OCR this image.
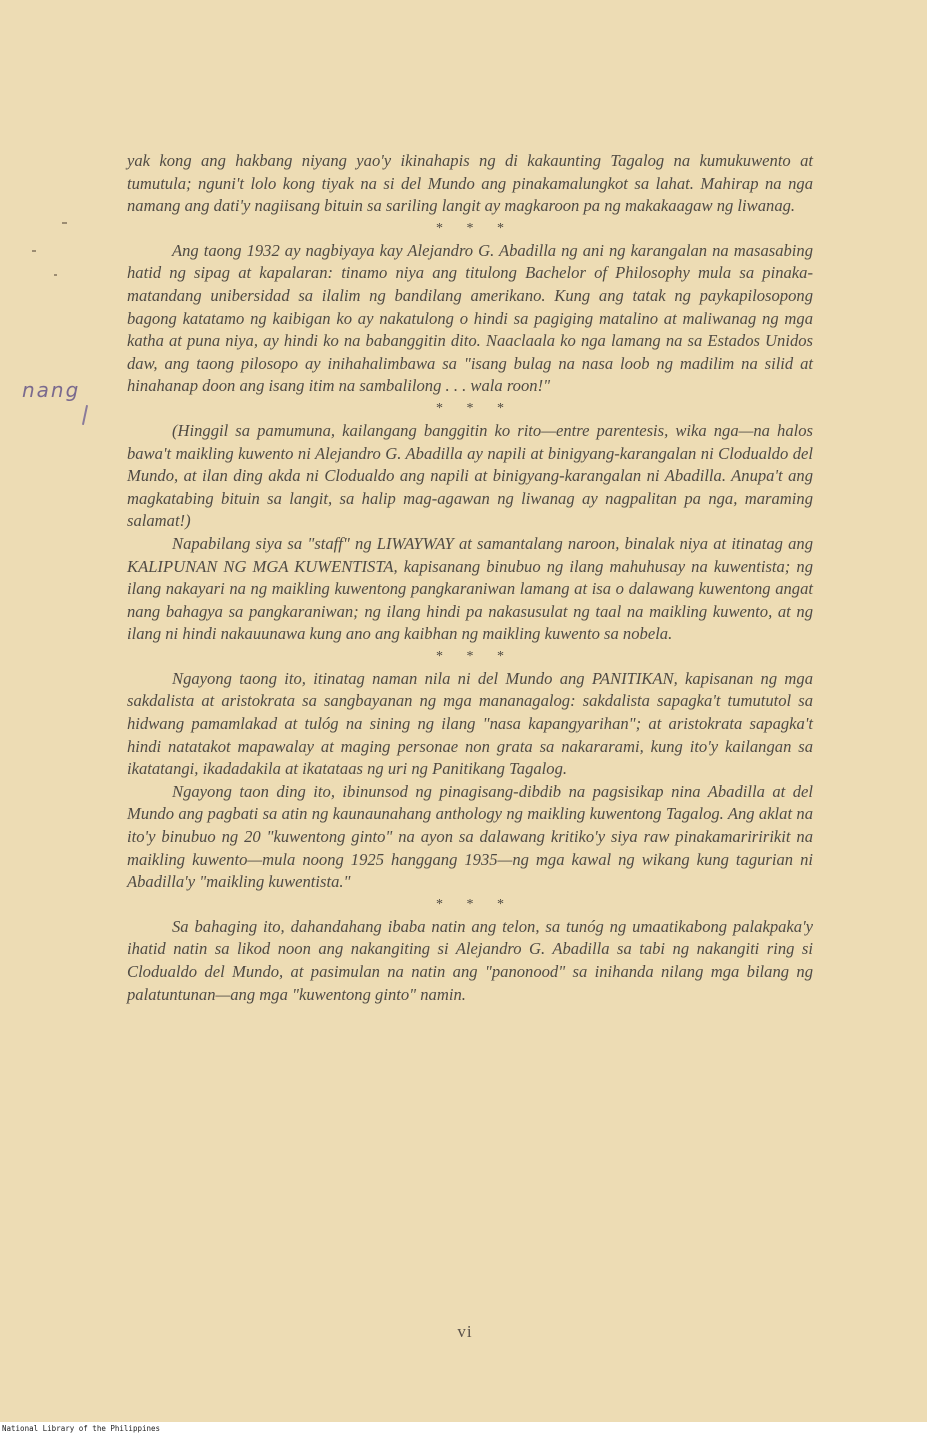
yak kong ang hakbang niyang yao'y ikinahapis ng di kakaunting Tagalog na kumukuwento at tumutula; nguni't lolo kong tiyak na si del Mundo ang pinakamalungkot sa lahat. Mahirap na nga namang ang dati'y nagiisang bituin sa sariling langit ay magkaroon pa ng makakaagaw ng liwanag.

* * *

Ang taong 1932 ay nagbiyaya kay Alejandro G. Abadilla ng ani ng karangalan na masasabing hatid ng sipag at kapalaran: tinamo niya ang titulong Bachelor of Philosophy mula sa pinaka-matandang unibersidad sa ilalim ng bandilang amerikano. Kung ang tatak ng paykapilosopong bagong katatamo ng kaibigan ko ay nakatulong o hindi sa pagiging matalino at maliwanag ng mga katha at puna niya, ay hindi ko na babanggitin dito. Naaclaala ko nga lamang na sa Estados Unidos daw, ang taong pilosopo ay inihahalimbawa sa "isang bulag na nasa loob ng madilim na silid at hinahanap doon ang isang itim na sambalilong . . . wala roon!"

* * *

(Hinggil sa pamumuna, kailangang banggitin ko rito—entre parentesis, wika nga—na halos bawa't maikling kuwento ni Alejandro G. Abadilla ay napili at binigyang-karangalan ni Clodualdo del Mundo, at ilan ding akda ni Clodualdo ang napili at binigyang-karangalan ni Abadilla. Anupa't ang magkatabing bituin sa langit, sa halip mag-agawan ng liwanag ay nagpalitan pa nga, maraming salamat!)

Napabilang siya sa "staff" ng LIWAYWAY at samantalang naroon, binalak niya at itinatag ang KALIPUNAN NG MGA KUWENTISTA, kapisanang binubuo ng ilang mahuhusay na kuwentista; ng ilang nakayari na ng maikling kuwentong pangkaraniwan lamang at isa o dalawang kuwentong angat nang bahagya sa pangkaraniwan; ng ilang hindi pa nakasusulat ng taal na maikling kuwento, at ng ilang ni hindi nakauunawa kung ano ang kaibhan ng maikling kuwento sa nobela.

* * *

Ngayong taong ito, itinatag naman nila ni del Mundo ang PANITIKAN, kapisanan ng mga sakdalista at aristokrata sa sangbayanan ng mga mananagalog: sakdalista sapagka't tumututol sa hidwang pamamlakad at tulóg na sining ng ilang "nasa kapangyarihan"; at aristokrata sapagka't hindi natatakot mapawalay at maging personae non grata sa nakararami, kung ito'y kailangan sa ikatatangi, ikadadakila at ikatataas ng uri ng Panitikang Tagalog.

Ngayong taon ding ito, ibinunsod ng pinagisang-dibdib na pagsisikap nina Abadilla at del Mundo ang pagbati sa atin ng kaunaunahang anthology ng maikling kuwentong Tagalog. Ang aklat na ito'y binubuo ng 20 "kuwentong ginto" na ayon sa dalawang kritiko'y siya raw pinakamariririkit na maikling kuwento—mula noong 1925 hanggang 1935—ng mga kawal ng wikang kung tagurian ni Abadilla'y "maikling kuwentista."

* * *

Sa bahaging ito, dahandahang ibaba natin ang telon, sa tunóg ng umaatikabong palakpaka'y ihatid natin sa likod noon ang nakangiting si Alejandro G. Abadilla sa tabi ng nakangiti ring si Clodualdo del Mundo, at pasimulan na natin ang "panonood" sa inihanda nilang mga bilang ng palatuntunan—ang mga "kuwentong ginto" namin.

nang
vi
National Library of the Philippines
